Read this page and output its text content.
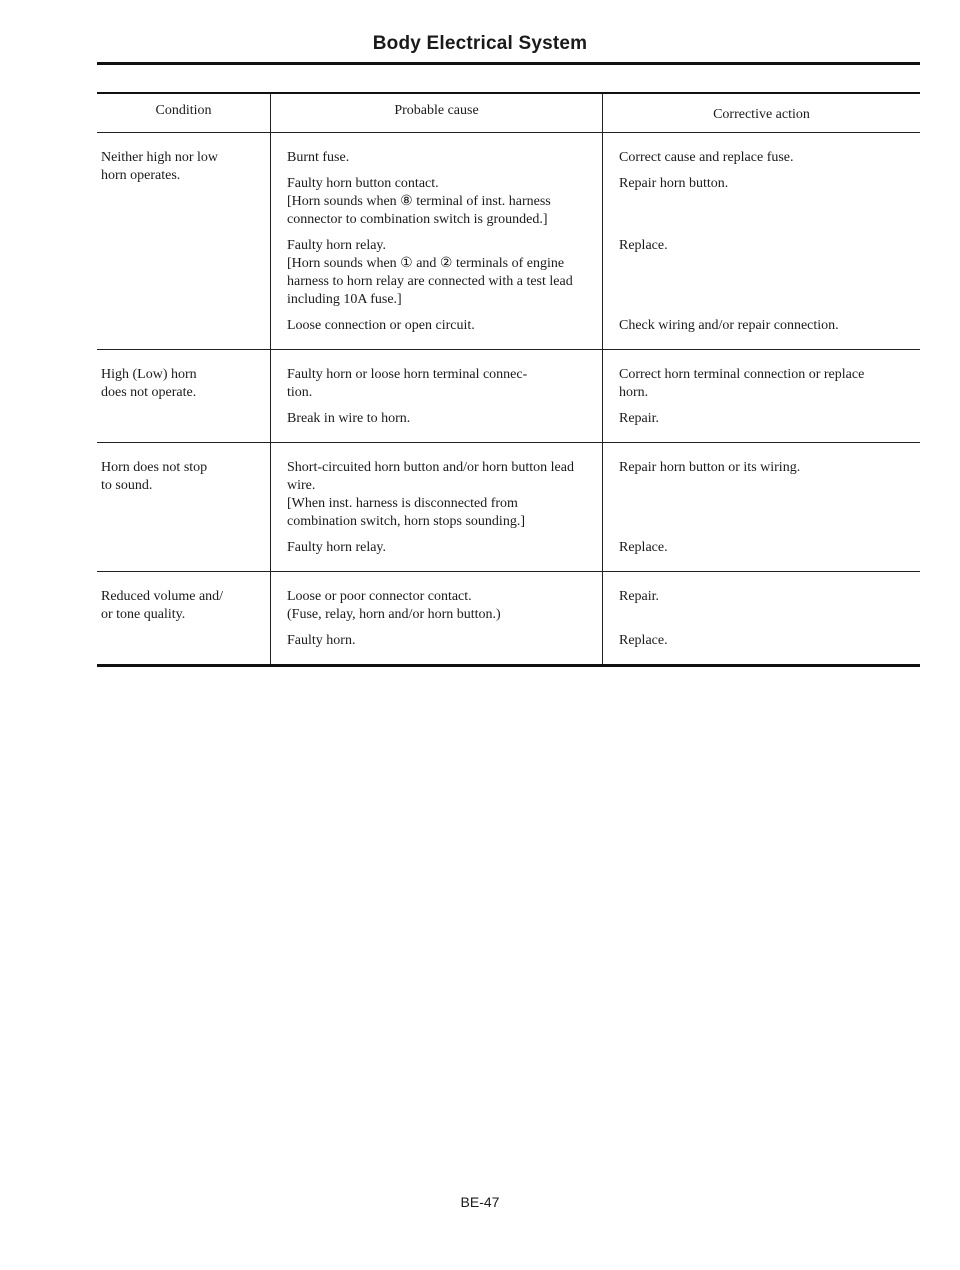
Body Electrical System
Condition	Probable cause	Corrective action
Neither high nor low
horn operates.
Burnt fuse.
Faulty horn button contact.
[Horn sounds when ⑧ terminal of inst. harness connector to combination switch is grounded.]
Faulty horn relay.
[Horn sounds when ① and ② terminals of engine harness to horn relay are connected with a test lead including 10A fuse.]
Loose connection or open circuit.
Correct cause and replace fuse.
Repair horn button.
Replace.
Check wiring and/or repair connection.
High (Low) horn
does not operate.
Faulty horn or loose horn terminal connec-
tion.
Break in wire to horn.
Correct horn terminal connection or replace
horn.
Repair.
Horn does not stop
to sound.
Short-circuited horn button and/or horn button lead wire.
[When inst. harness is disconnected from combination switch, horn stops sounding.]
Faulty horn relay.
Repair horn button or its wiring.
Replace.
Reduced volume and/
or tone quality.
Loose or poor connector contact.
(Fuse, relay, horn and/or horn button.)
Faulty horn.
Repair.
Replace.
BE-47
